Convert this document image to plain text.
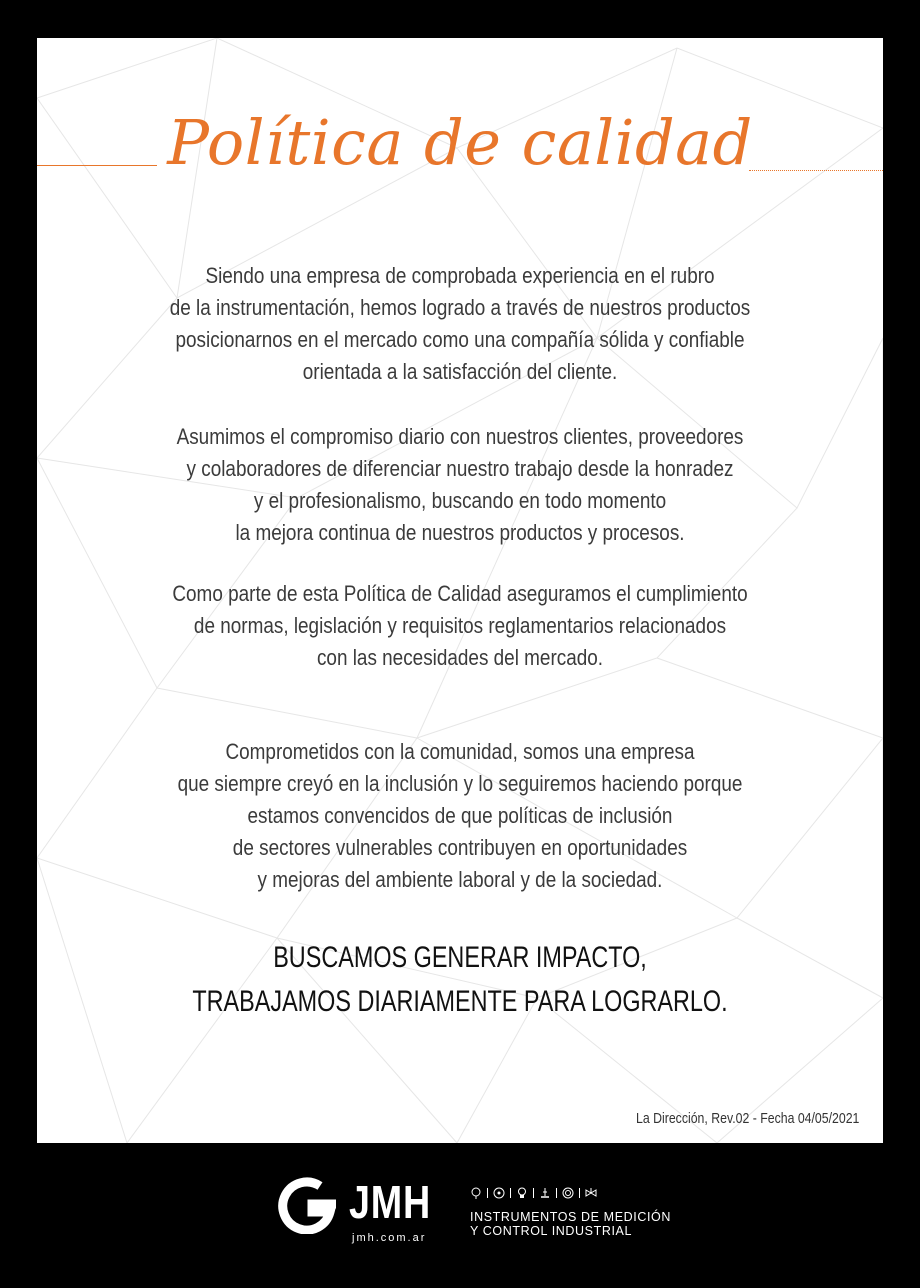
Política de calidad
Siendo una empresa de comprobada experiencia en el rubro
de la instrumentación, hemos logrado a través de nuestros productos
posicionarnos en el mercado como una compañía sólida y confiable
orientada a la satisfacción del cliente.
Asumimos el compromiso diario con nuestros clientes, proveedores
y colaboradores de diferenciar nuestro trabajo desde la honradez
y el profesionalismo, buscando en todo momento
la mejora continua de nuestros productos y procesos.
Como parte de esta Política de Calidad aseguramos el cumplimiento
de normas, legislación y requisitos reglamentarios relacionados
con las necesidades del mercado.
Comprometidos con la comunidad, somos una empresa
que siempre creyó en la inclusión y lo seguiremos haciendo porque
estamos convencidos de que políticas de inclusión
de sectores vulnerables contribuyen en oportunidades
y mejoras del ambiente laboral y de la sociedad.
BUSCAMOS GENERAR IMPACTO,
TRABAJAMOS DIARIAMENTE PARA LOGRARLO.
La Dirección, Rev.02 - Fecha 04/05/2021
JMH
jmh.com.ar
INSTRUMENTOS DE MEDICIÓN
Y CONTROL INDUSTRIAL
